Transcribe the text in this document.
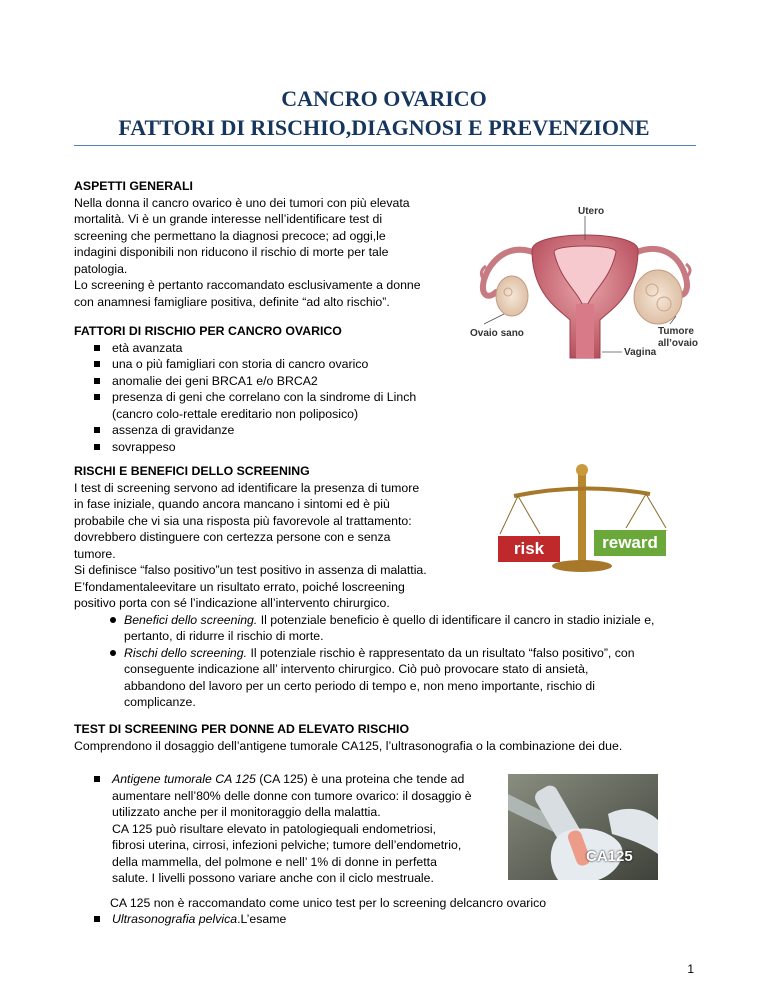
CANCRO OVARICO
FATTORI DI RISCHIO,DIAGNOSI E PREVENZIONE
ASPETTI GENERALI
Nella donna il cancro ovarico è uno dei tumori con più elevata
mortalità. Vi è un grande interesse nell’identificare test di
screening che permettano la diagnosi precoce; ad oggi,le
indagini disponibili non riducono il rischio di morte per tale
patologia.
Lo screening è pertanto raccomandato esclusivamente a donne
con anamnesi famigliare positiva, definite “ad alto rischio”.
Utero
Ovaio sano	Tumore
all’ovaio
Vagina
FATTORI DI RISCHIO PER CANCRO OVARICO
età avanzata
una o più famigliari con storia di cancro ovarico
anomalie dei geni BRCA1 e/o BRCA2
presenza di geni che correlano con la sindrome di Linch
(cancro colo-rettale ereditario non poliposico)
assenza di gravidanze
sovrappeso
risk	reward
RISCHI E BENEFICI DELLO SCREENING
I test di screening servono ad identificare la presenza di tumore
in fase iniziale, quando ancora mancano i sintomi ed è più
probabile che vi sia una risposta più favorevole al trattamento:
dovrebbero distinguere con certezza persone con e senza
tumore.
Si definisce “falso positivo”un test positivo in assenza di malattia.
E’fondamentaleevitare un risultato errato, poiché loscreening
positivo porta con sé l’indicazione all’intervento chirurgico.
Benefici dello screening. Il potenziale beneficio è quello di identificare il cancro in stadio iniziale e,
pertanto, di ridurre il rischio di morte.
Rischi dello screening. Il potenziale rischio è rappresentato da un risultato “falso positivo”, con
conseguente indicazione all’ intervento chirurgico. Ciò può provocare stato di ansietà,
abbandono del lavoro per un certo periodo di tempo e, non meno importante, rischio di
complicanze.
TEST DI SCREENING PER DONNE AD ELEVATO RISCHIO
Comprendono il dosaggio dell’antigene tumorale CA125, l’ultrasonografia o la combinazione dei due.
Antigene tumorale CA 125 (CA 125) è una proteina che tende ad
aumentare nell’80% delle donne con tumore ovarico: il dosaggio è
utilizzato anche per il monitoraggio della malattia.
CA 125 può risultare elevato in patologiequali endometriosi,
fibrosi uterina, cirrosi, infezioni pelviche; tumore dell’endometrio,
della mammella, del polmone e nell’ 1% di donne in perfetta
salute. I livelli possono variare anche con il ciclo mestruale.
CA 125 non è raccomandato come unico test per lo screening delcancro ovarico
Ultrasonografia pelvica.L’esame
CA125
1
